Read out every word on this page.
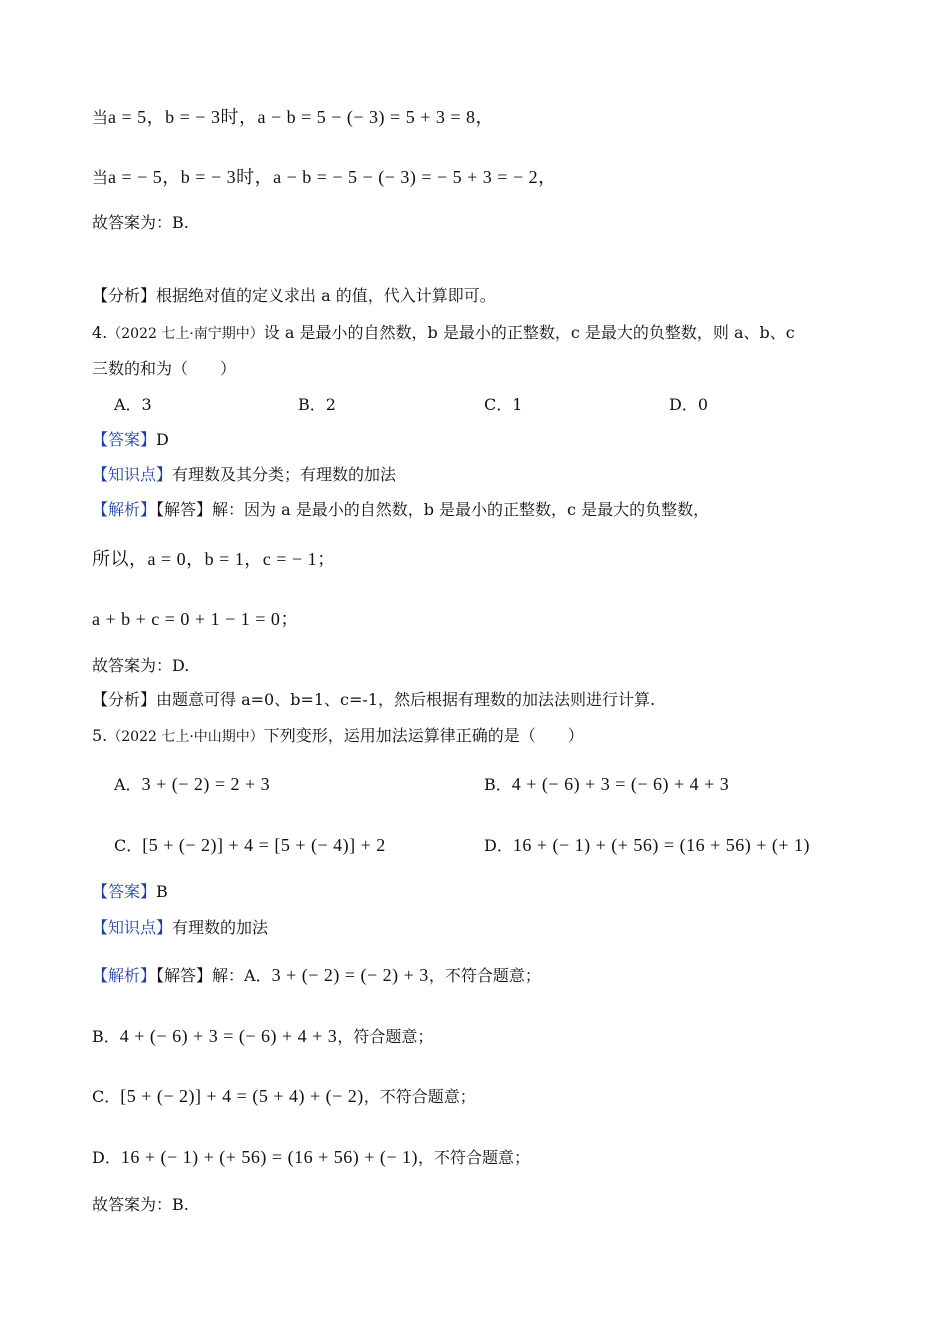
当a = 5，b = − 3时，a − b = 5 − (− 3) = 5 + 3 = 8，
当a = − 5，b = − 3时，a − b = − 5 − (− 3) = − 5 + 3 = − 2，
故答案为：B.
【分析】根据绝对值的定义求出 a 的值，代入计算即可。
4.（2022 七上·南宁期中）设 a 是最小的自然数，b 是最小的正整数，c 是最大的负整数，则 a、b、c
三数的和为（　　）
A．3	B．2	C．1	D．0
【答案】D
【知识点】有理数及其分类；有理数的加法
【解析】【解答】解：因为 a 是最小的自然数，b 是最小的正整数，c 是最大的负整数，
所以，a = 0，b = 1，c = − 1；
a + b + c = 0 + 1 − 1 = 0；
故答案为：D.
【分析】由题意可得 a=0、b=1、c=-1，然后根据有理数的加法法则进行计算.
5.（2022 七上·中山期中）下列变形，运用加法运算律正确的是（　　）
A．3 + (− 2) = 2 + 3	B．4 + (− 6) + 3 = (− 6) + 4 + 3
C．[5 + (− 2)] + 4 = [5 + (− 4)] + 2	D．16 + (− 1) + (+ 56) = (16 + 56) + (+ 1)
【答案】B
【知识点】有理数的加法
【解析】【解答】解：A．3 + (− 2) = (− 2) + 3，不符合题意；
B．4 + (− 6) + 3 = (− 6) + 4 + 3，符合题意；
C．[5 + (− 2)] + 4 = (5 + 4) + (− 2)，不符合题意；
D．16 + (− 1) + (+ 56) = (16 + 56) + (− 1)，不符合题意；
故答案为：B.
